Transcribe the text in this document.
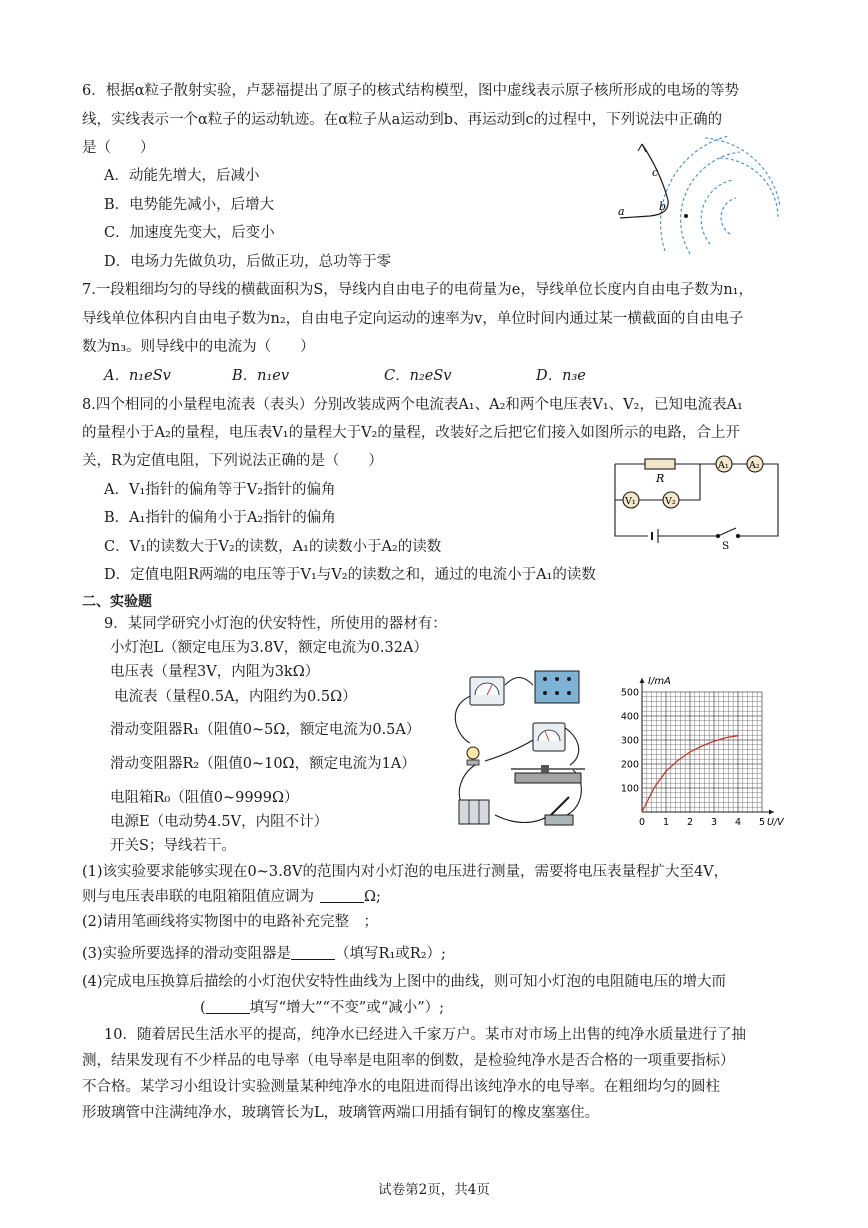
6．根据α粒子散射实验，卢瑟福提出了原子的核式结构模型，图中虚线表示原子核所形成的电场的等势
线，实线表示一个α粒子的运动轨迹。在α粒子从a运动到b、再运动到c的过程中，下列说法中正确的
是（　　）
A．动能先增大，后减小
B．电势能先减小，后增大
C．加速度先变大，后变小
D．电场力先做负功，后做正功，总功等于零
a	b
c
7.一段粗细均匀的导线的横截面积为S，导线内自由电子的电荷量为e，导线单位长度内自由电子数为n₁，
导线单位体积内自由电子数为n₂，自由电子定向运动的速率为v，单位时间内通过某一横截面的自由电子
数为n₃。则导线中的电流为（　　）
A．n₁eSv	B．n₁ev	C．n₂eSv	D．n₃e
8.四个相同的小量程电流表（表头）分别改装成两个电流表A₁、A₂和两个电压表V₁、V₂，已知电流表A₁
的量程小于A₂的量程，电压表V₁的量程大于V₂的量程，改装好之后把它们接入如图所示的电路，合上开
关，R为定值电阻，下列说法正确的是（　　）
A．V₁指针的偏角等于V₂指针的偏角
B．A₁指针的偏角小于A₂指针的偏角
C．V₁的读数大于V₂的读数，A₁的读数小于A₂的读数
D．定值电阻R两端的电压等于V₁与V₂的读数之和，通过的电流小于A₁的读数
R
A₁ A₂
V₁	V₂
S
二、实验题
9．某同学研究小灯泡的伏安特性，所使用的器材有：
小灯泡L（额定电压为3.8V，额定电流为0.32A）
电压表（量程3V，内阻为3kΩ）
电流表（量程0.5A，内阻约为0.5Ω）
滑动变阻器R₁（阻值0~5Ω，额定电流为0.5A）
滑动变阻器R₂（阻值0~10Ω，额定电流为1A）
电阻箱R₀（阻值0~9999Ω）
电源E（电动势4.5V，内阻不计）
开关S；导线若干。
0 1 2 3 4 5
100
200
300
400
500
I/mA
U/V
(1)该实验要求能够实现在0~3.8V的范围内对小灯泡的电压进行测量，需要将电压表量程扩大至4V，
则与电压表串联的电阻箱阻值应调为	Ω;
(2)请用笔画线将实物图中的电路补充完整　；
(3)实验所要选择的滑动变阻器是	（填写R₁或R₂）;
(4)完成电压换算后描绘的小灯泡伏安特性曲线为上图中的曲线，则可知小灯泡的电阻随电压的增大而
(	填写“增大”“不变”或“减小”）;
10．随着居民生活水平的提高，纯净水已经进入千家万户。某市对市场上出售的纯净水质量进行了抽
测，结果发现有不少样品的电导率（电导率是电阻率的倒数，是检验纯净水是否合格的一项重要指标）
不合格。某学习小组设计实验测量某种纯净水的电阻进而得出该纯净水的电导率。在粗细均匀的圆柱
形玻璃管中注满纯净水，玻璃管长为L，玻璃管两端口用插有铜钉的橡皮塞塞住。
试卷第2页，共4页
